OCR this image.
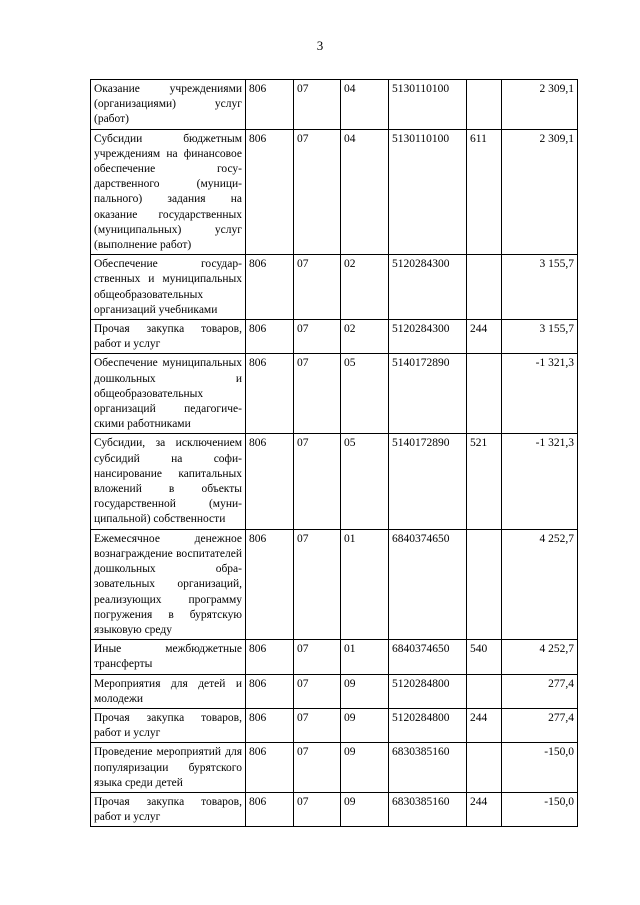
3
Оказание учреждениями (организациями) услуг (работ)	806	07	04	5130110100		2 309,1
Субсидии бюджетным учреждениям на финансовое обеспечение государственного (муниципального) задания на оказание государственных (муниципальных) услуг (выполнение работ)	806	07	04	5130110100	611	2 309,1
Обеспечение государственных и муниципальных общеобразовательных организаций учебниками	806	07	02	5120284300		3 155,7
Прочая закупка товаров, работ и услуг	806	07	02	5120284300	244	3 155,7
Обеспечение муниципальных дошкольных и общеобразовательных организаций педагогическими работниками	806	07	05	5140172890		-1 321,3
Субсидии, за исключением субсидий на софинансирование капитальных вложений в объекты государственной (муниципальной) собственности	806	07	05	5140172890	521	-1 321,3
Ежемесячное денежное вознаграждение воспитателей дошкольных образовательных организаций, реализующих программу погружения в бурятскую языковую среду	806	07	01	6840374650		4 252,7
Иные межбюджетные трансферты	806	07	01	6840374650	540	4 252,7
Мероприятия для детей и молодежи	806	07	09	5120284800		277,4
Прочая закупка товаров, работ и услуг	806	07	09	5120284800	244	277,4
Проведение мероприятий для популяризации бурятского языка среди детей	806	07	09	6830385160		-150,0
Прочая закупка товаров, работ и услуг	806	07	09	6830385160	244	-150,0
